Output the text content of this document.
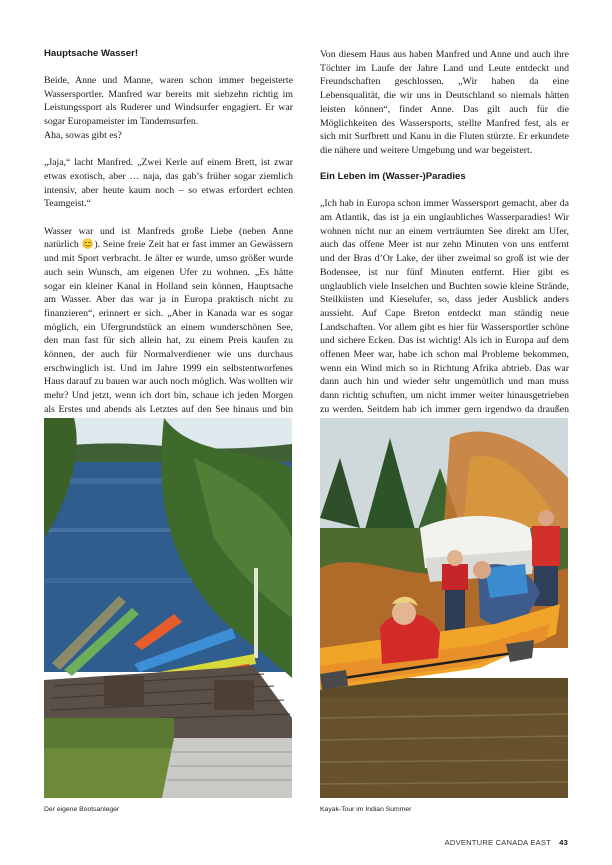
Hauptsache Wasser!

Beide, Anne und Manne, waren schon immer begeisterte Wassersportler. Manfred war bereits mit siebzehn richtig im Leistungssport als Ruderer und Windsurfer engagiert. Er war sogar Europameister im Tandemsurfen.

Aha, sowas gibt es?

„Jaja,“ lacht Manfred. „Zwei Kerle auf einem Brett, ist zwar etwas exotisch, aber … naja, das gab’s früher sogar ziemlich intensiv, aber heute kaum noch – so etwas erfordert echten Teamgeist.“

Wasser war und ist Manfreds große Liebe (neben Anne natürlich 😊). Seine freie Zeit hat er fast immer an Gewässern und mit Sport verbracht. Je älter er wurde, umso größer wurde auch sein Wunsch, am eigenen Ufer zu wohnen. „Es hätte sogar ein kleiner Kanal in Holland sein können, Hauptsache am Wasser. Aber das war ja in Europa praktisch nicht zu finanzieren“, erinnert er sich. „Aber in Kanada war es sogar möglich, ein Ufergrundstück an einem wunderschönen See, den man fast für sich allein hat, zu einem Preis kaufen zu können, der auch für Normalverdiener wie uns durchaus erschwinglich ist. Und im Jahre 1999 ein selbstentworfenes Haus darauf zu bauen war auch noch möglich. Was wollten wir mehr? Und jetzt, wenn ich dort bin, schaue ich jeden Morgen als Erstes und abends als Letztes auf den See hinaus und bin

Von diesem Haus aus haben Manfred und Anne und auch ihre Töchter im Laufe der Jahre Land und Leute entdeckt und Freundschaften geschlossen. „Wir haben da eine Lebensqualität, die wir uns in Deutschland so niemals hätten leisten können“, findet Anne. Das gilt auch für die Möglichkeiten des Wassersports, stellte Manfred fest, als er sich mit Surfbrett und Kanu in die Fluten stürzte. Er erkundete die nähere und weitere Umgebung und war begeistert.

Ein Leben im (Wasser-)Paradies

„Ich hab in Europa schon immer Wassersport gemacht, aber da am Atlantik, das ist ja ein unglaubliches Wasserparadies! Wir wohnen nicht nur an einem verträumten See direkt am Ufer, auch das offene Meer ist nur zehn Minuten von uns entfernt und der Bras d’Or Lake, der über zweimal so groß ist wie der Bodensee, ist nur fünf Minuten entfernt. Hier gibt es unglaublich viele Inselchen und Buchten sowie kleine Strände, Steilküsten und Kieselufer, so, dass jeder Ausblick anders aussieht. Auf Cape Breton entdeckt man ständig neue Landschaften. Vor allem gibt es hier für Wassersportler schöne und sichere Ecken. Das ist wichtig! Als ich in Europa auf dem offenen Meer war, habe ich schon mal Probleme bekommen, wenn ein Wind mich so in Richtung Afrika abtrieb. Das war dann auch hin und wieder sehr ungemütlich und man muss dann richtig schuften, um nicht immer weiter hinausgetrieben zu werden. Seitdem hab ich immer gern irgendwo da draußen

Der eigene Bootsanleger	Kayak-Tour im Indian Summer
ADVENTURE CANADA EAST 43
